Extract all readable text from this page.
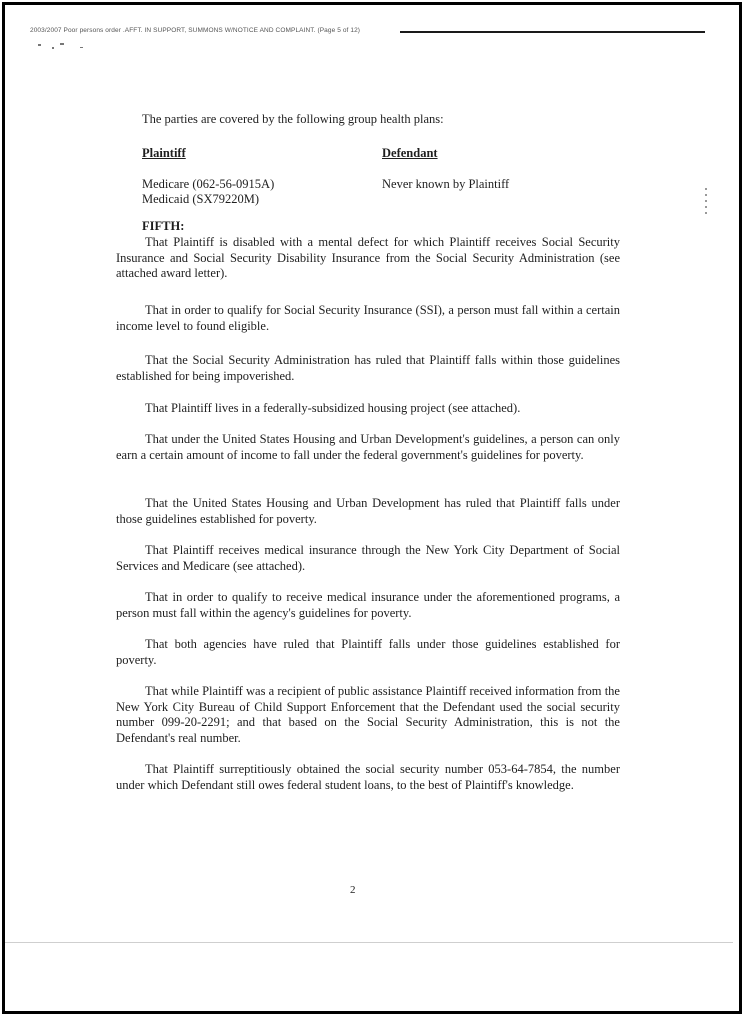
2003/2007 Poor persons order .AFFT. IN SUPPORT, SUMMONS W/NOTICE AND COMPLAINT. (Page 5 of 12)
The parties are covered by the following group health plans:
Plaintiff	Defendant
Medicare (062-56-0915A)
Medicaid (SX79220M)
Never known by Plaintiff
FIFTH:
That Plaintiff is disabled with a mental defect for which Plaintiff receives Social Security Insurance and Social Security Disability Insurance from the Social Security Administration (see attached award letter).
That in order to qualify for Social Security Insurance (SSI), a person must fall within a certain income level to found eligible.
That the Social Security Administration has ruled that Plaintiff falls within those guidelines established for being impoverished.
That Plaintiff lives in a federally-subsidized housing project (see attached).
That under the United States Housing and Urban Development's guidelines, a person can only earn a certain amount of income to fall under the federal government's guidelines for poverty.
That the United States Housing and Urban Development has ruled that Plaintiff falls under those guidelines established for poverty.
That Plaintiff receives medical insurance through the New York City Department of Social Services and Medicare (see attached).
That in order to qualify to receive medical insurance under the aforementioned programs, a person must fall within the agency's guidelines for poverty.
That both agencies have ruled that Plaintiff falls under those guidelines established for poverty.
That while Plaintiff was a recipient of public assistance Plaintiff received information from the New York City Bureau of Child Support Enforcement that the Defendant used the social security number 099-20-2291; and that based on the Social Security Administration, this is not the Defendant's real number.
That Plaintiff surreptitiously obtained the social security number 053-64-7854, the number under which Defendant still owes federal student loans, to the best of Plaintiff's knowledge.
2
